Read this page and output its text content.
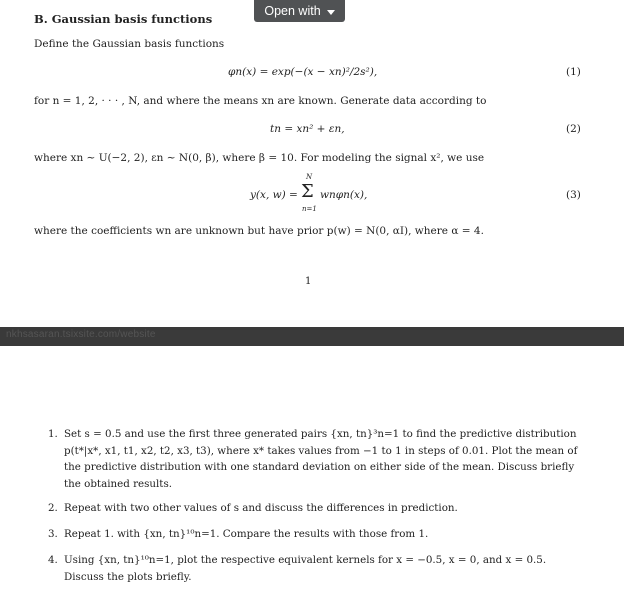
B. Gaussian basis functions
Define the Gaussian basis functions
φn(x) = exp(−(x − xn)²/2s²),	(1)
for n = 1, 2, · · · , N, and where the means xn are known. Generate data according to
tn = xn² + εn,	(2)
where xn ∼ U(−2, 2), εn ∼ N(0, β), where β = 10. For modeling the signal x², we use
y(x, w) =
N
Σ
n=1
wnφn(x),	(3)
where the coefficients wn are unknown but have prior p(w) = N(0, αI), where α = 4.
1
nkhsasaran.tsixsite.com/website
Open with
1. Set s = 0.5 and use the first three generated pairs {xn, tn}³n=1 to find the predictive distribution p(t*|x*, x1, t1, x2, t2, x3, t3), where x* takes values from −1 to 1 in steps of 0.01. Plot the mean of the predictive distribution with one standard deviation on either side of the mean. Discuss briefly the obtained results.
2. Repeat with two other values of s and discuss the differences in prediction.
3. Repeat 1. with {xn, tn}¹⁰n=1. Compare the results with those from 1.
4. Using {xn, tn}¹⁰n=1, plot the respective equivalent kernels for x = −0.5, x = 0, and x = 0.5. Discuss the plots briefly.
